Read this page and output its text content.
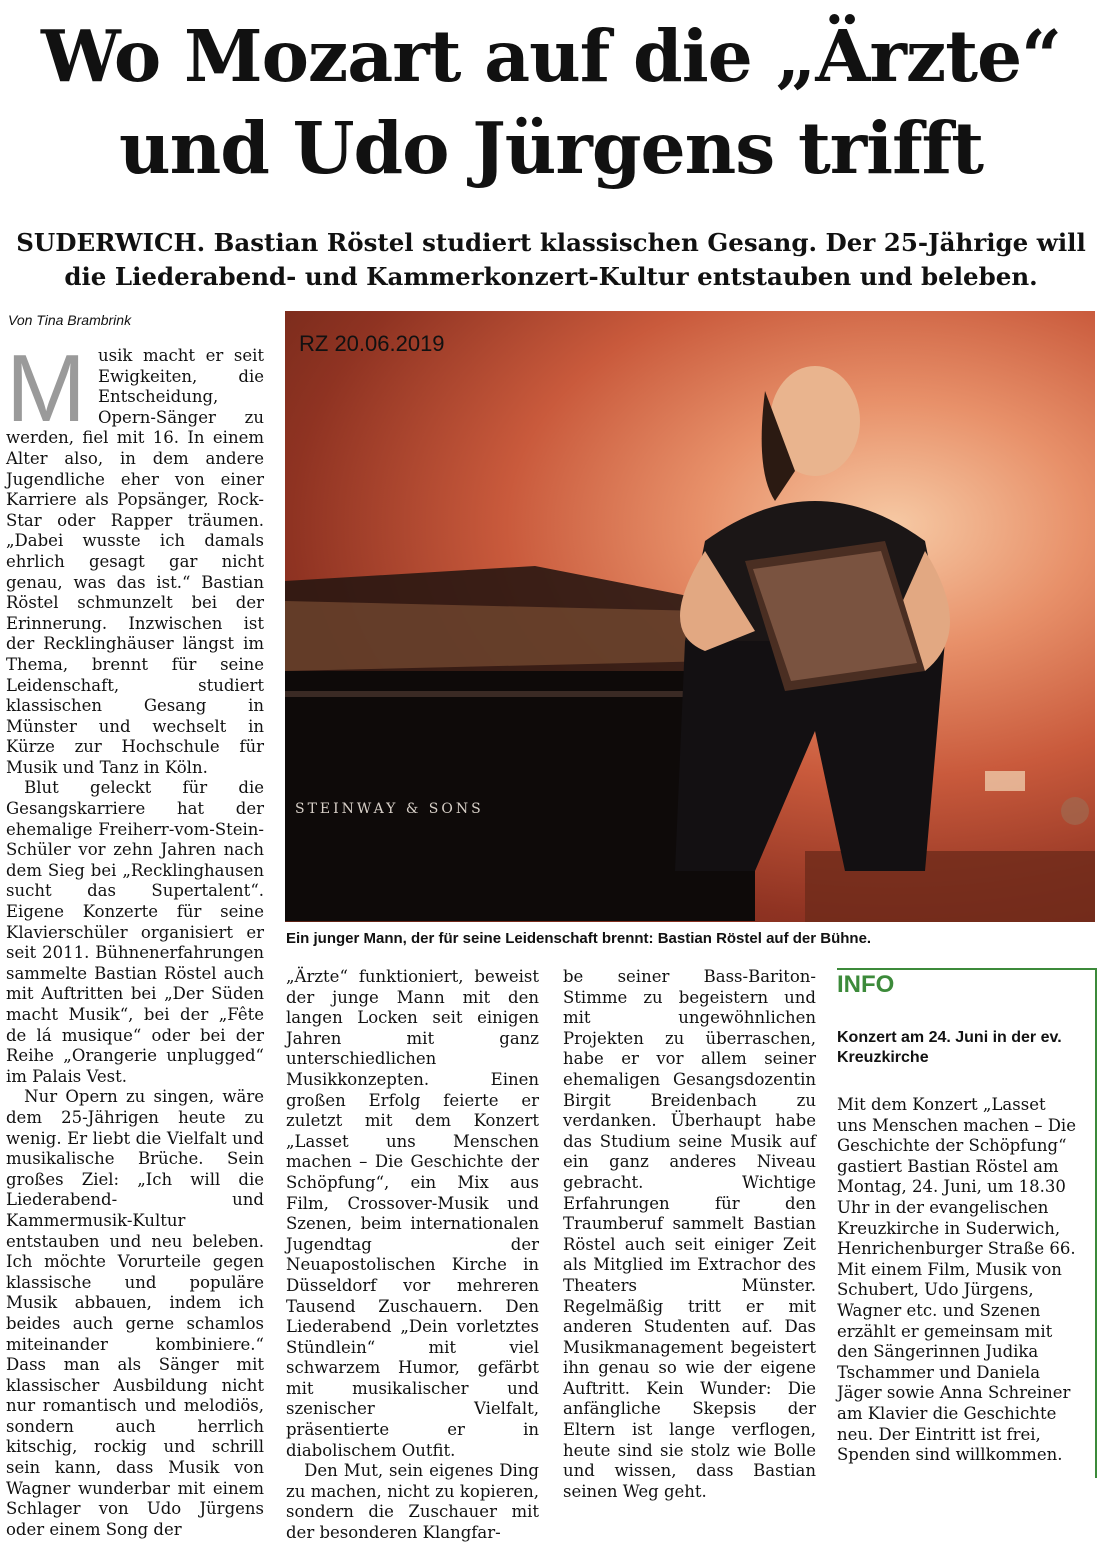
Wo Mozart auf die „Ärzte“
und Udo Jürgens trifft
SUDERWICH. Bastian Röstel studiert klassischen Gesang. Der 25-Jährige will die Liederabend- und Kammerkonzert-Kultur entstauben und beleben.
Von Tina Brambrink
M usik macht er seit Ewigkeiten, die Entscheidung, Opern-Sänger zu werden, fiel mit 16. In einem Alter also, in dem andere Jugendliche eher von einer Karriere als Popsänger, Rock-Star oder Rapper träumen. „Dabei wusste ich damals ehrlich gesagt gar nicht genau, was das ist.“ Bastian Röstel schmunzelt bei der Erinnerung. Inzwischen ist der Recklinghäuser längst im Thema, brennt für seine Leidenschaft, studiert klassischen Gesang in Münster und wechselt in Kürze zur Hochschule für Musik und Tanz in Köln.

Blut geleckt für die Gesangskarriere hat der ehemalige Freiherr-vom-Stein-Schüler vor zehn Jahren nach dem Sieg bei „Recklinghausen sucht das Supertalent“. Eigene Konzerte für seine Klavierschüler organisiert er seit 2011. Bühnenerfahrungen sammelte Bastian Röstel auch mit Auftritten bei „Der Süden macht Musik“, bei der „Fête de lá musique“ oder bei der Reihe „Orangerie unplugged“ im Palais Vest.

Nur Opern zu singen, wäre dem 25-Jährigen heute zu wenig. Er liebt die Vielfalt und musikalische Brüche. Sein großes Ziel: „Ich will die Liederabend- und Kammermusik-Kultur entstauben und neu beleben. Ich möchte Vorurteile gegen klassische und populäre Musik abbauen, indem ich beides auch gerne schamlos miteinander kombiniere.“ Dass man als Sänger mit klassischer Ausbildung nicht nur romantisch und melodiös, sondern auch herrlich kitschig, rockig und schrill sein kann, dass Musik von Wagner wunderbar mit einem Schlager von Udo Jürgens oder einem Song der

RZ 20.06.2019
STEINWAY & SONS
Ein junger Mann, der für seine Leidenschaft brennt: Bastian Röstel auf der Bühne.

„Ärzte“ funktioniert, beweist der junge Mann mit den langen Locken seit einigen Jahren mit ganz unterschiedlichen Musikkonzepten. Einen großen Erfolg feierte er zuletzt mit dem Konzert „Lasset uns Menschen machen – Die Geschichte der Schöpfung“, ein Mix aus Film, Crossover-Musik und Szenen, beim internationalen Jugendtag der Neuapostolischen Kirche in Düsseldorf vor mehreren Tausend Zuschauern. Den Liederabend „Dein vorletztes Stündlein“ mit viel schwarzem Humor, gefärbt mit musikalischer und szenischer Vielfalt, präsentierte er in diabolischem Outfit.

Den Mut, sein eigenes Ding zu machen, nicht zu kopieren, sondern die Zuschauer mit der besonderen Klangfar-

be seiner Bass-Bariton-Stimme zu begeistern und mit ungewöhnlichen Projekten zu überraschen, habe er vor allem seiner ehemaligen Gesangsdozentin Birgit Breidenbach zu verdanken. Überhaupt habe das Studium seine Musik auf ein ganz anderes Niveau gebracht. Wichtige Erfahrungen für den Traumberuf sammelt Bastian Röstel auch seit einiger Zeit als Mitglied im Extrachor des Theaters Münster. Regelmäßig tritt er mit anderen Studenten auf. Das Musikmanagement begeistert ihn genau so wie der eigene Auftritt. Kein Wunder: Die anfängliche Skepsis der Eltern ist lange verflogen, heute sind sie stolz wie Bolle und wissen, dass Bastian seinen Weg geht.

INFO
Konzert am 24. Juni in der ev. Kreuzkirche
Mit dem Konzert „Lasset uns Menschen machen – Die Geschichte der Schöpfung“ gastiert Bastian Röstel am Montag, 24. Juni, um 18.30 Uhr in der evangelischen Kreuzkirche in Suderwich, Henrichenburger Straße 66. Mit einem Film, Musik von Schubert, Udo Jürgens, Wagner etc. und Szenen erzählt er gemeinsam mit den Sängerinnen Judika Tschammer und Daniela Jäger sowie Anna Schreiner am Klavier die Geschichte neu. Der Eintritt ist frei, Spenden sind willkommen.
